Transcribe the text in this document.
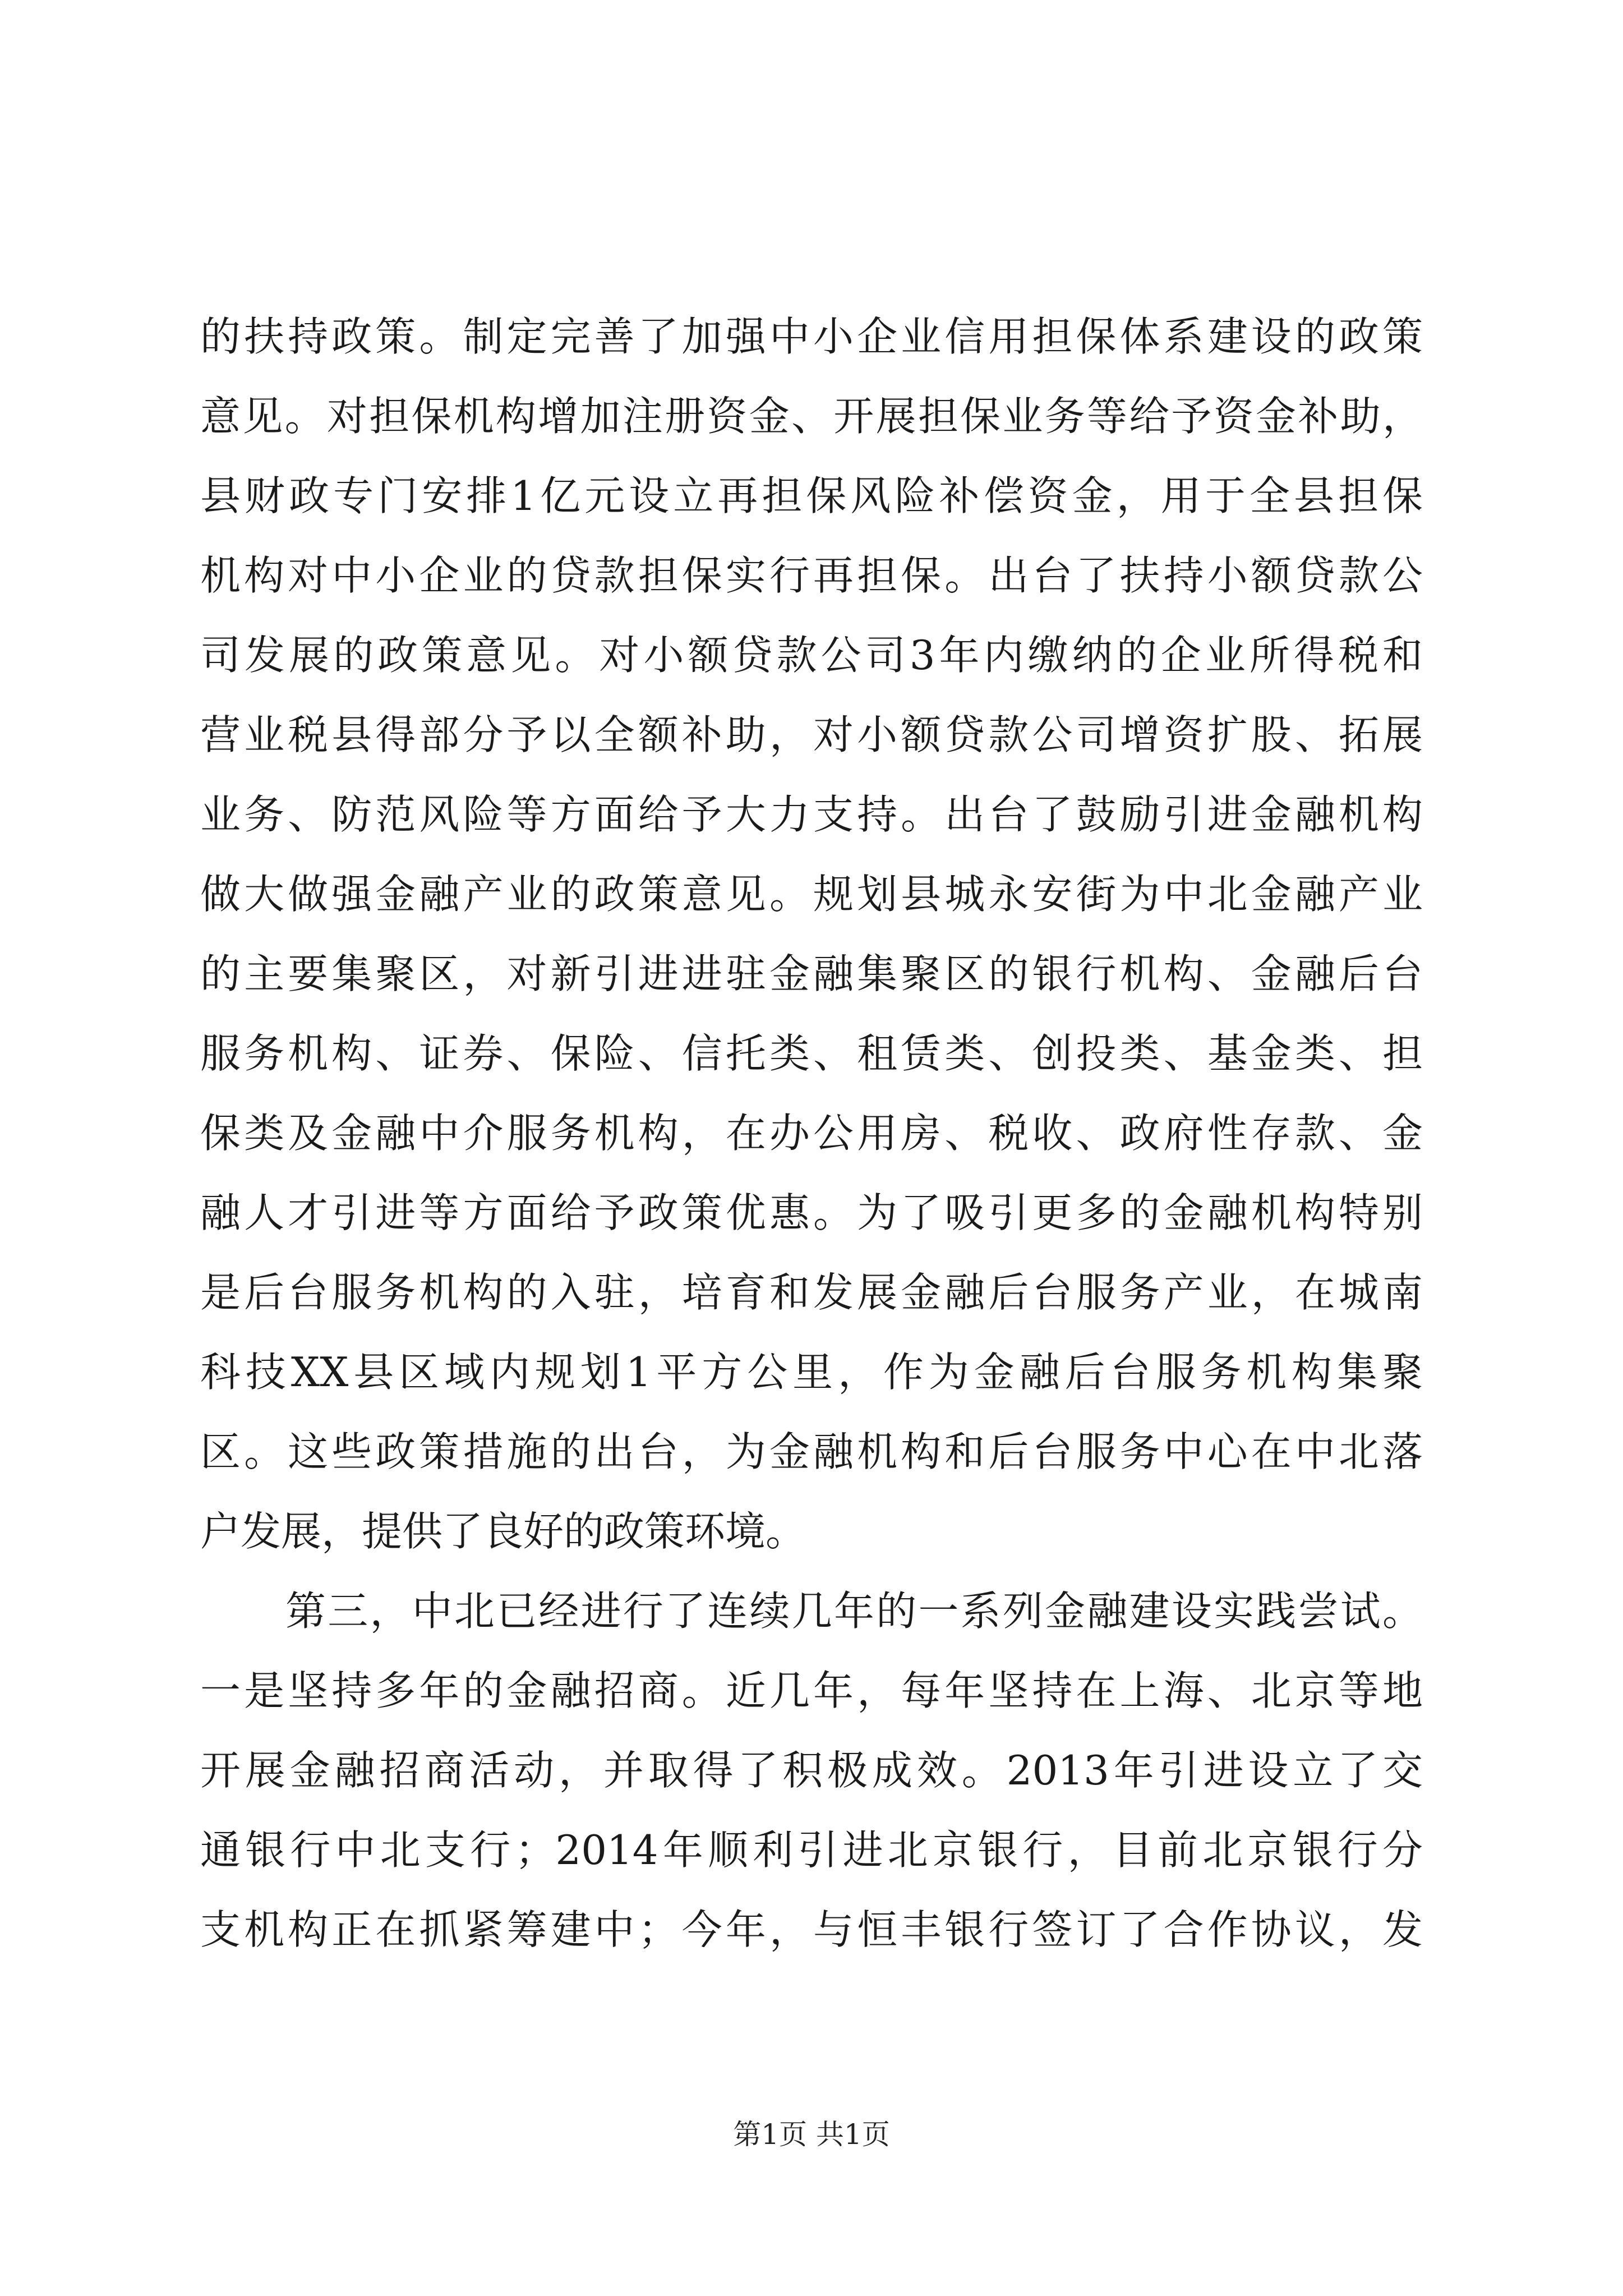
的扶持政策。制定完善了加强中小企业信用担保体系建设的政策
意见。对担保机构增加注册资金、开展担保业务等给予资金补助，
县财政专门安排1亿元设立再担保风险补偿资金，用于全县担保
机构对中小企业的贷款担保实行再担保。出台了扶持小额贷款公
司发展的政策意见。对小额贷款公司3年内缴纳的企业所得税和
营业税县得部分予以全额补助，对小额贷款公司增资扩股、拓展
业务、防范风险等方面给予大力支持。出台了鼓励引进金融机构
做大做强金融产业的政策意见。规划县城永安街为中北金融产业
的主要集聚区，对新引进进驻金融集聚区的银行机构、金融后台
服务机构、证券、保险、信托类、租赁类、创投类、基金类、担
保类及金融中介服务机构，在办公用房、税收、政府性存款、金
融人才引进等方面给予政策优惠。为了吸引更多的金融机构特别
是后台服务机构的入驻，培育和发展金融后台服务产业，在城南
科技XX县区域内规划1平方公里，作为金融后台服务机构集聚
区。这些政策措施的出台，为金融机构和后台服务中心在中北落
户发展，提供了良好的政策环境。
第三，中北已经进行了连续几年的一系列金融建设实践尝试。
一是坚持多年的金融招商。近几年，每年坚持在上海、北京等地
开展金融招商活动，并取得了积极成效。2013年引进设立了交
通银行中北支行；2014年顺利引进北京银行，目前北京银行分
支机构正在抓紧筹建中；今年，与恒丰银行签订了合作协议，发
第1页 共1页
